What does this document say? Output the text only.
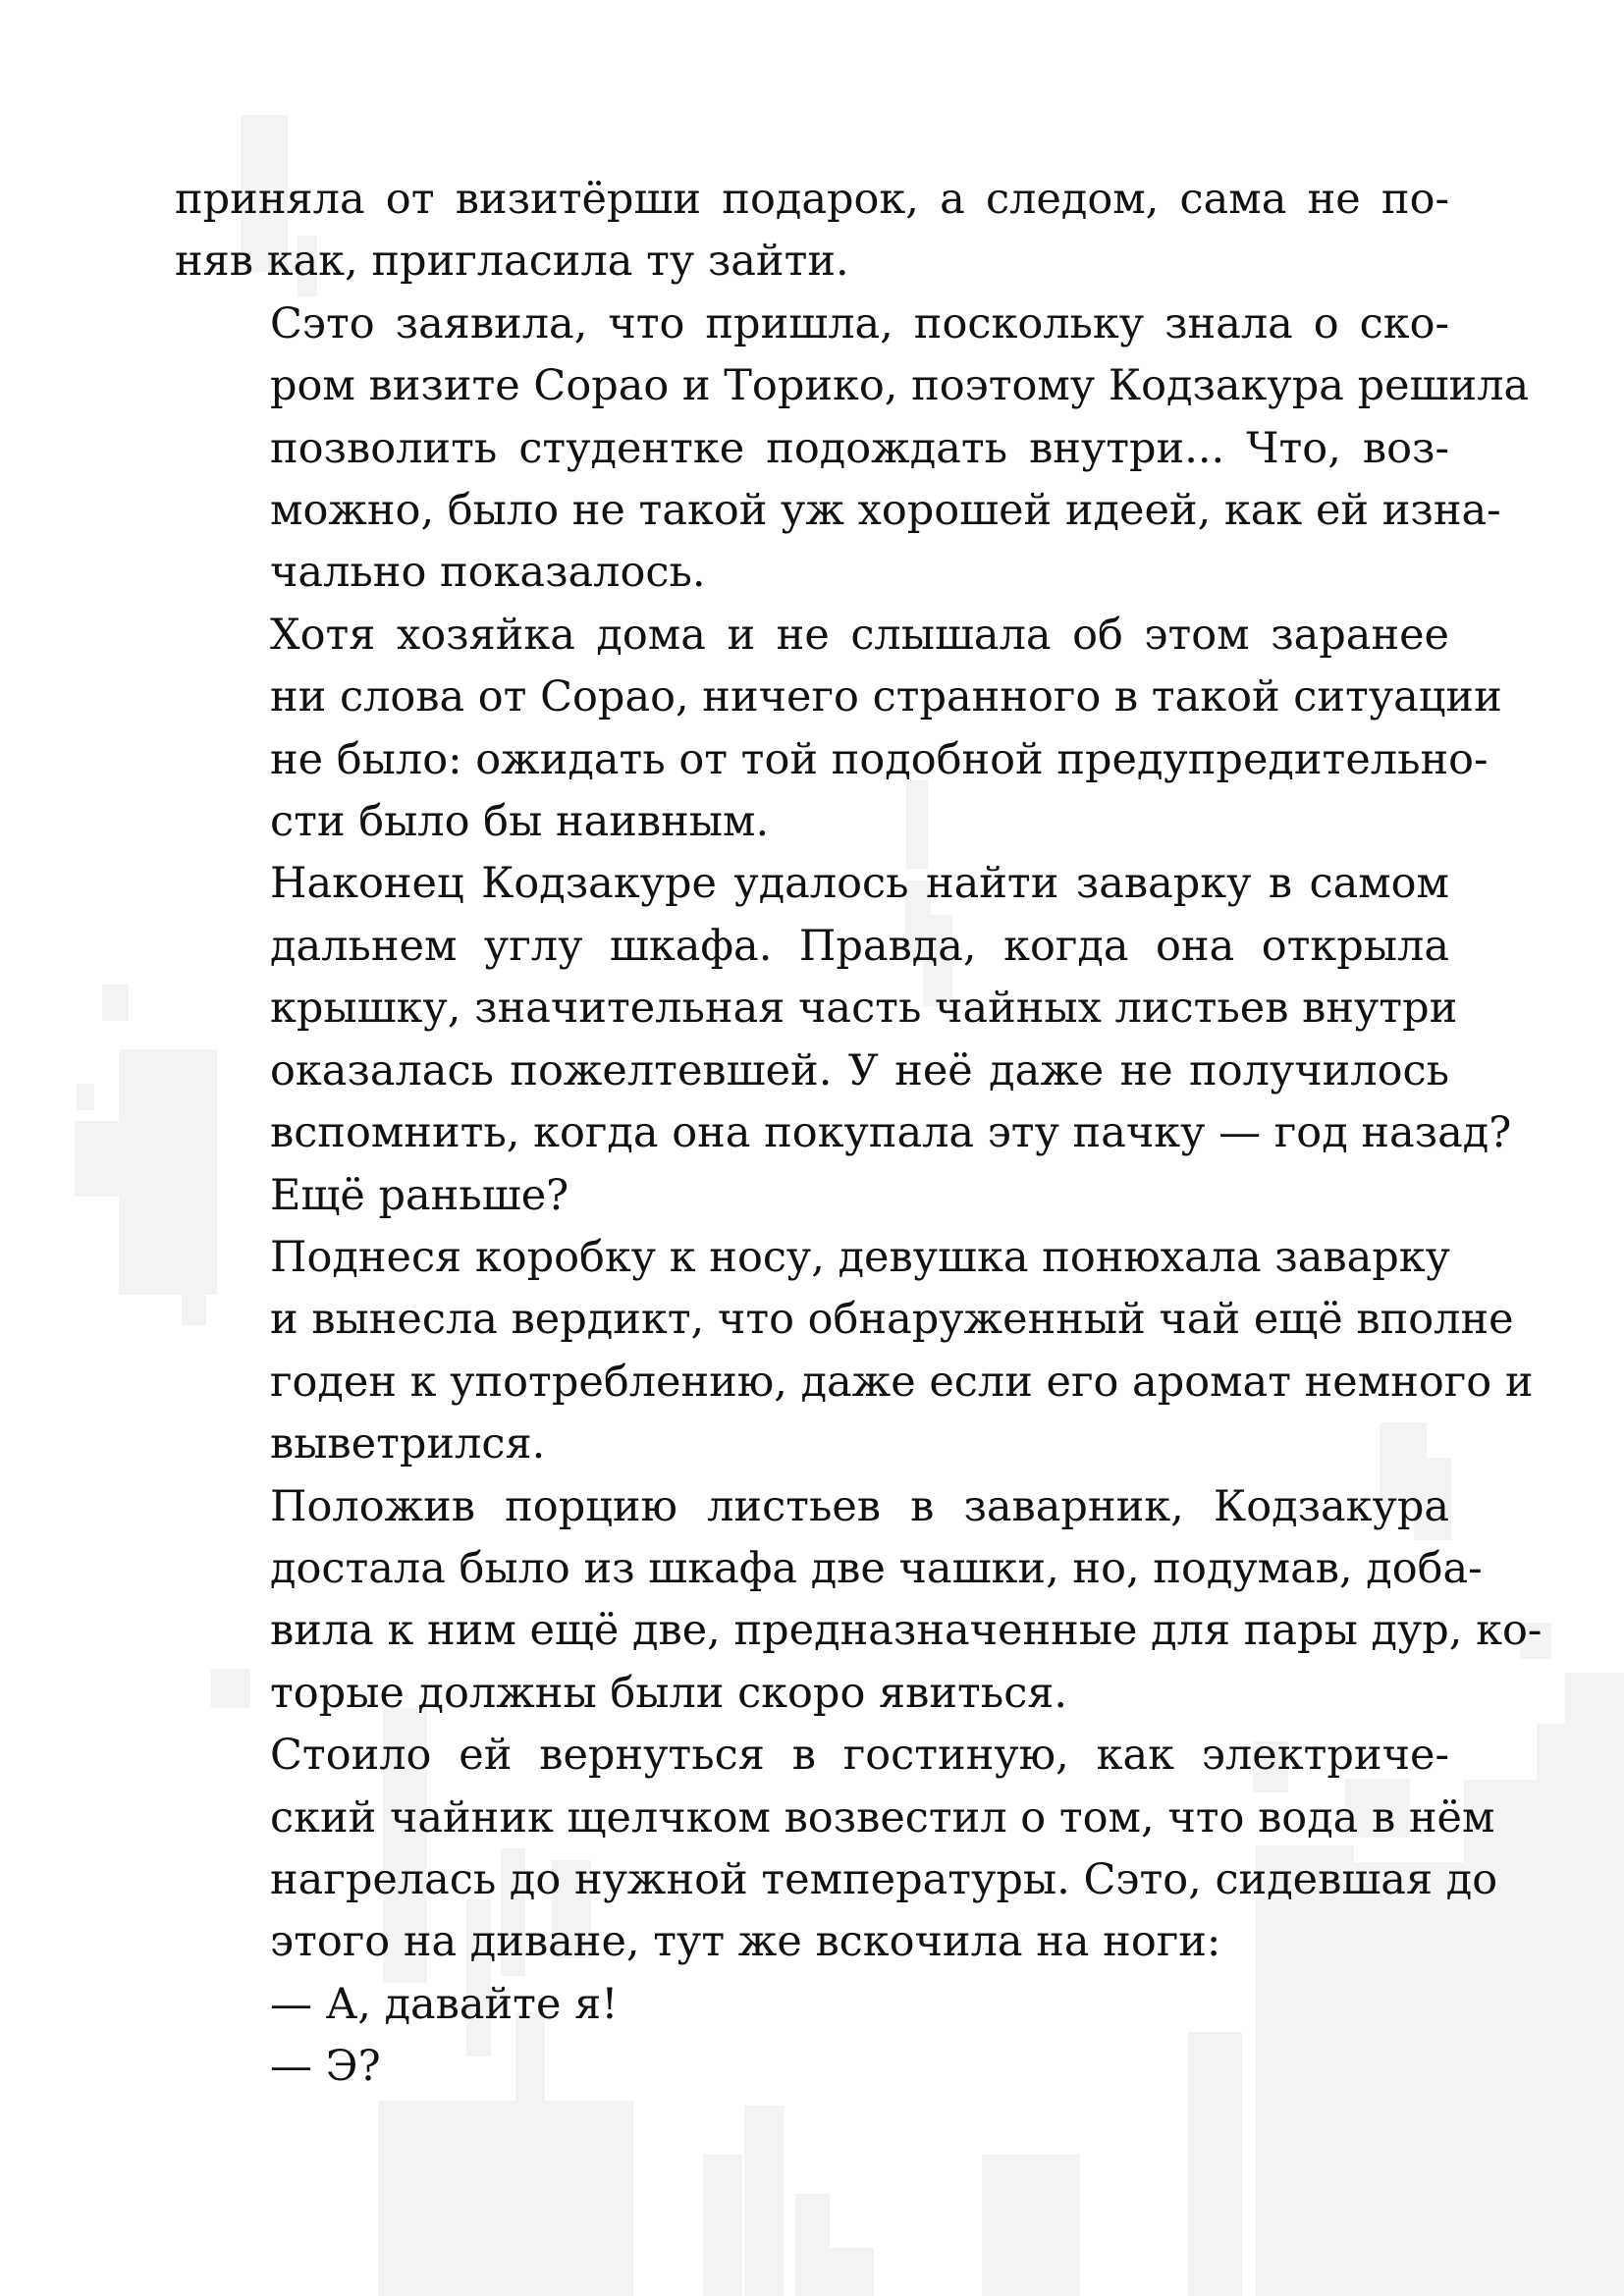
приняла от визитёрши подарок, а следом, сама не по-
няв как, пригласила ту зайти.

Сэто заявила, что пришла, поскольку знала о ско-
ром визите Сорао и Торико, поэтому Кодзакура решила
позволить студентке подождать внутри... Что, воз-
можно, было не такой уж хорошей идеей, как ей изна-
чально показалось.

Хотя хозяйка дома и не слышала об этом заранее
ни слова от Сорао, ничего странного в такой ситуации
не было: ожидать от той подобной предупредительно-
сти было бы наивным.

Наконец Кодзакуре удалось найти заварку в самом
дальнем углу шкафа. Правда, когда она открыла
крышку, значительная часть чайных листьев внутри
оказалась пожелтевшей. У неё даже не получилось
вспомнить, когда она покупала эту пачку — год назад?
Ещё раньше?

Поднеся коробку к носу, девушка понюхала заварку
и вынесла вердикт, что обнаруженный чай ещё вполне
годен к употреблению, даже если его аромат немного и
выветрился.

Положив порцию листьев в заварник, Кодзакура
достала было из шкафа две чашки, но, подумав, доба-
вила к ним ещё две, предназначенные для пары дур, ко-
торые должны были скоро явиться.

Стоило ей вернуться в гостиную, как электриче-
ский чайник щелчком возвестил о том, что вода в нём
нагрелась до нужной температуры. Сэто, сидевшая до
этого на диване, тут же вскочила на ноги:

— А, давайте я!

— Э?
